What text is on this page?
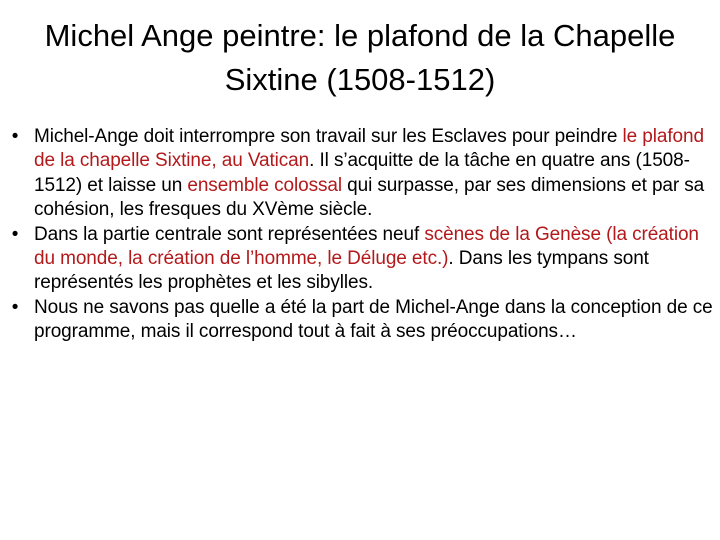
Michel Ange peintre: le plafond de la Chapelle Sixtine (1508-1512)
• Michel-Ange doit interrompre son travail sur les Esclaves pour peindre le plafond de la chapelle Sixtine, au Vatican. Il s’acquitte de la tâche en quatre ans (1508-1512) et laisse un ensemble colossal qui surpasse, par ses dimensions et par sa cohésion, les fresques du XVème siècle.
• Dans la partie centrale sont représentées neuf scènes de la Genèse (la création du monde, la création de l’homme, le Déluge etc.). Dans les tympans sont représentés les prophètes et les sibylles.
• Nous ne savons pas quelle a été la part de Michel-Ange dans la conception de ce programme, mais il correspond tout à fait à ses préoccupations…
